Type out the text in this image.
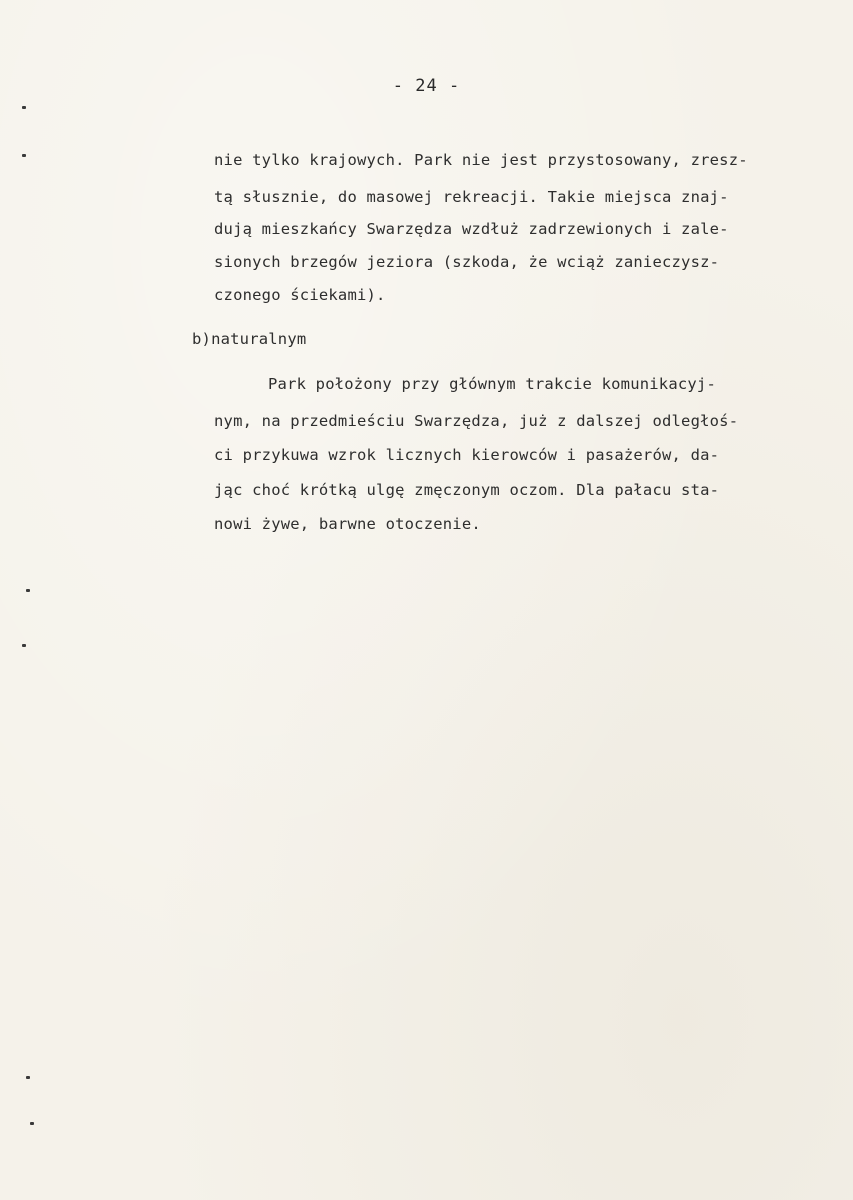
- 24 -
nie tylko krajowych. Park nie jest przystosowany, zresz-
tą słusznie, do masowej rekreacji. Takie miejsca znaj-
dują mieszkańcy Swarzędza wzdłuż zadrzewionych i zale-
sionych brzegów jeziora (szkoda, że wciąż zanieczysz-
czonego ściekami).
b)naturalnym
Park położony przy głównym trakcie komunikacyj-
nym, na przedmieściu Swarzędza, już z dalszej odległoś-
ci przykuwa wzrok licznych kierowców i pasażerów, da-
jąc choć krótką ulgę zmęczonym oczom. Dla pałacu sta-
nowi żywe, barwne otoczenie.
